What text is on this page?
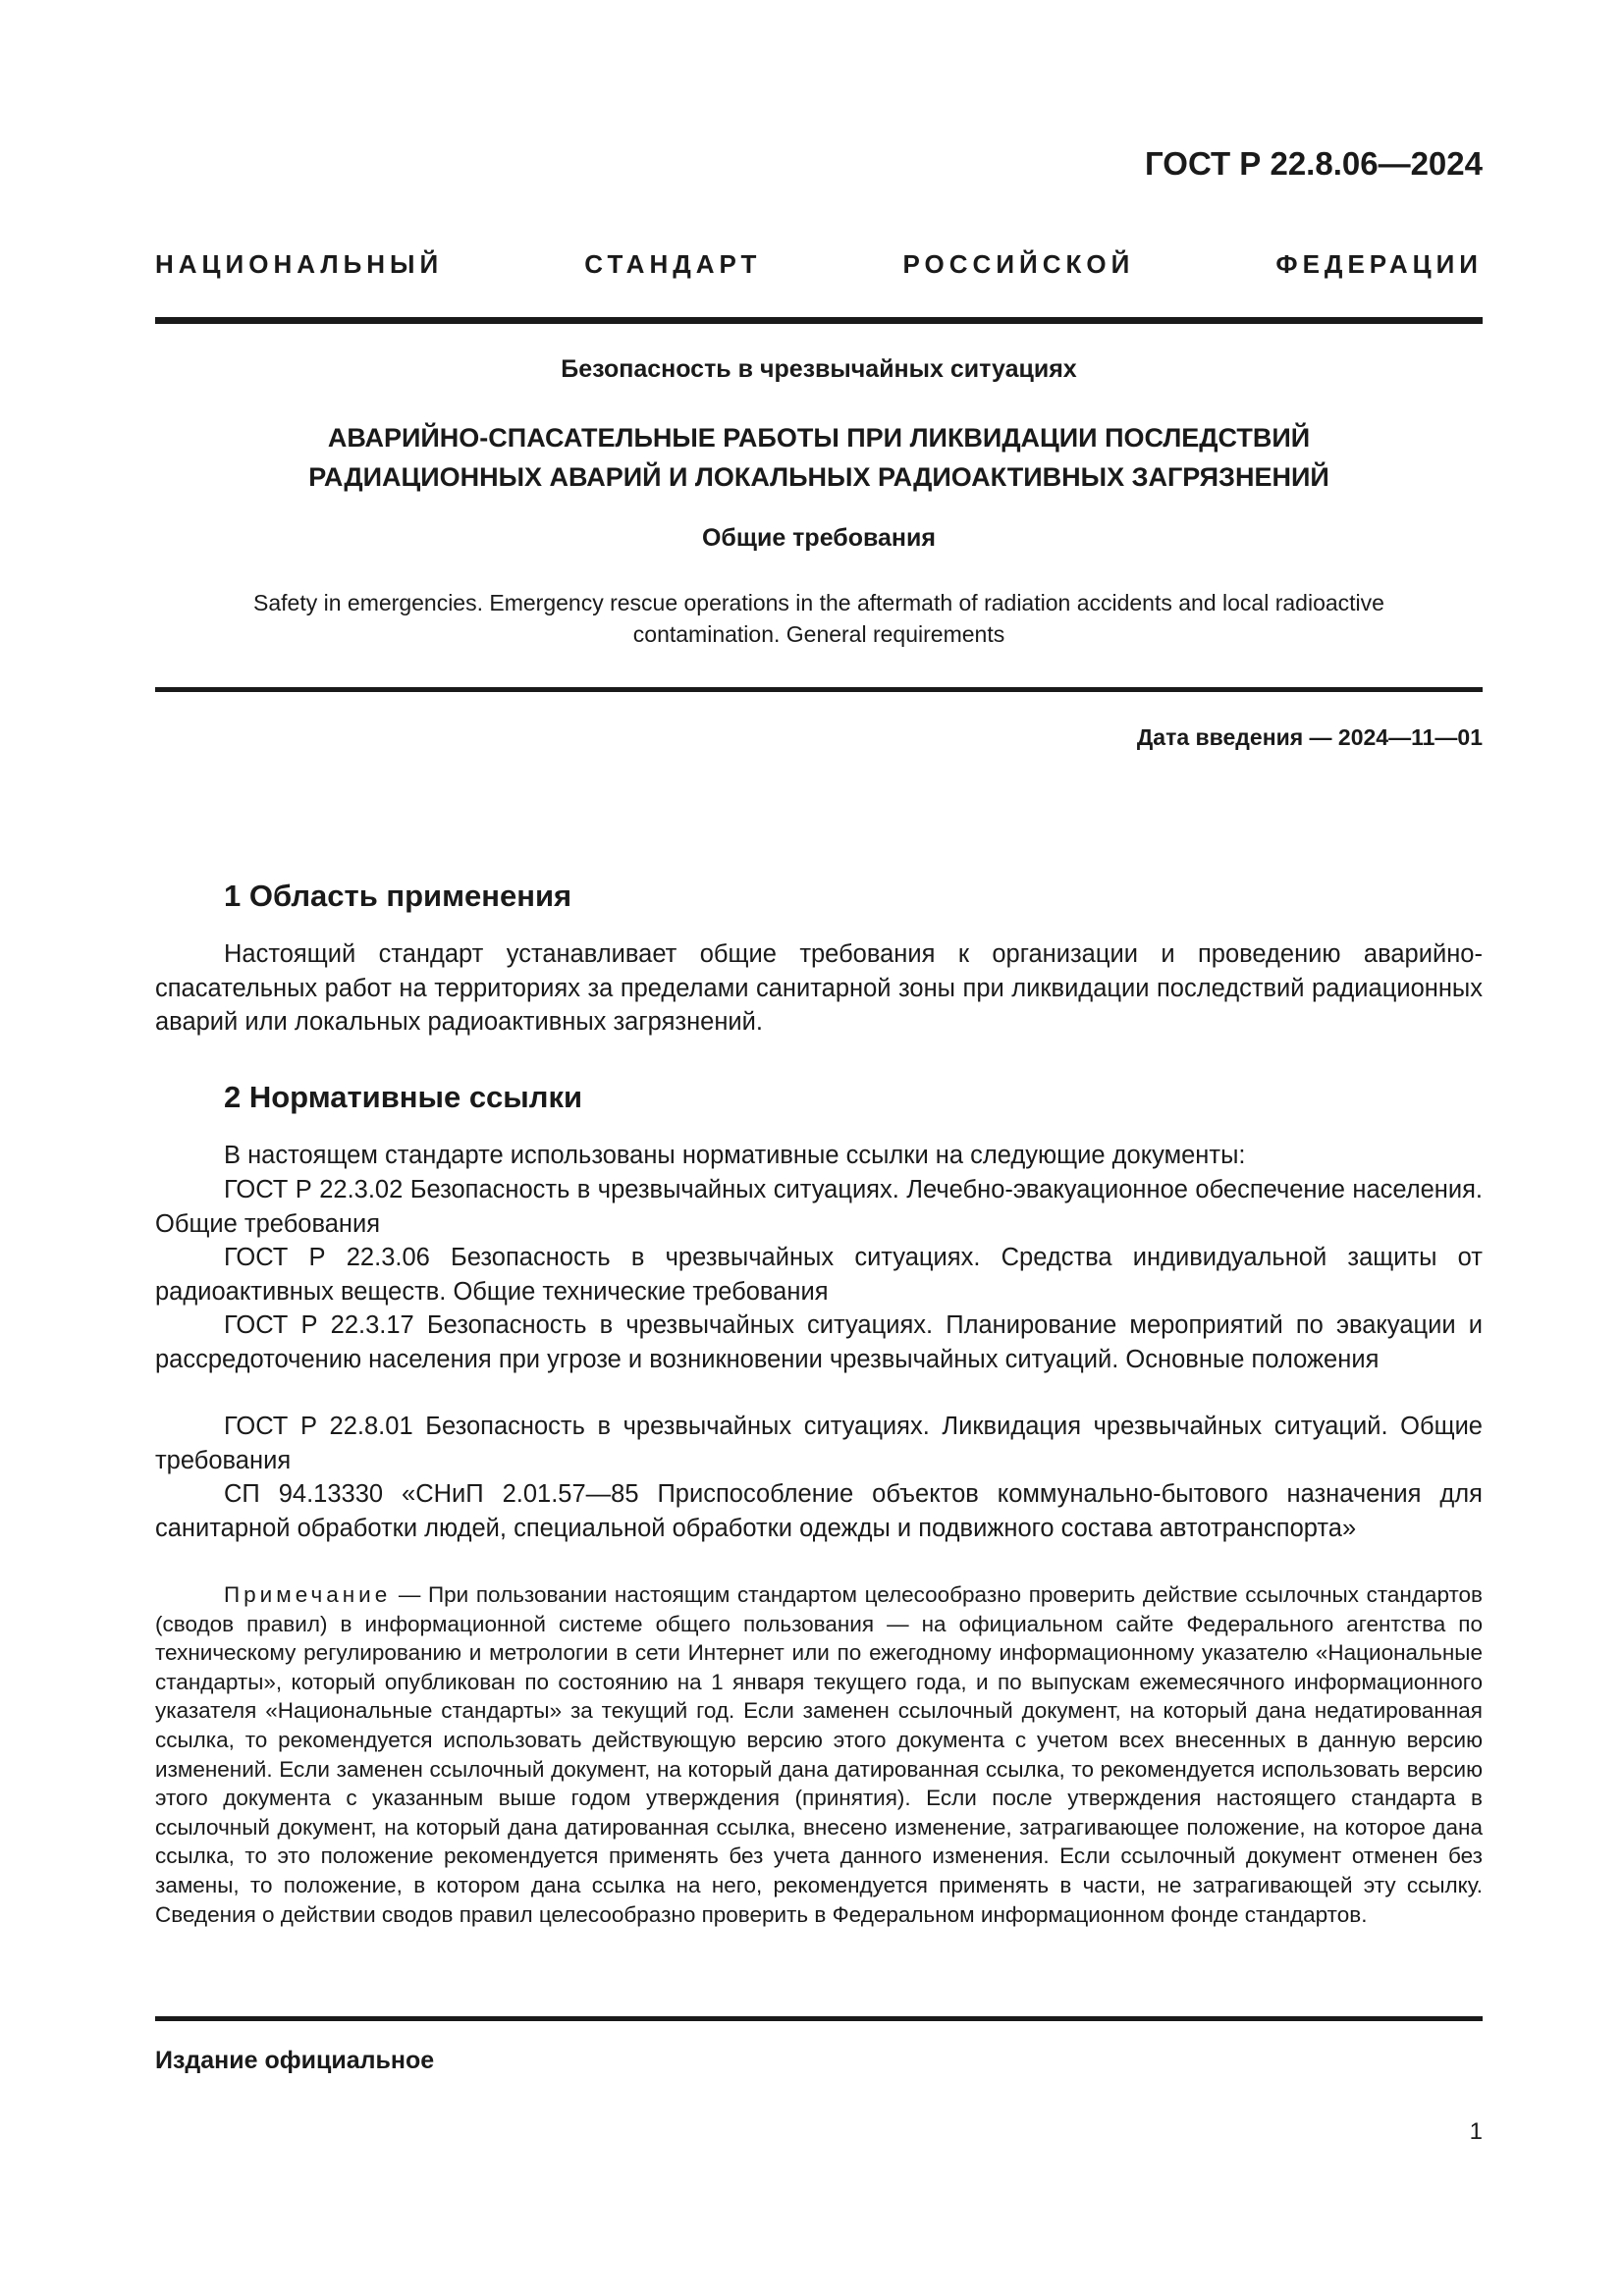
ГОСТ Р 22.8.06—2024
НАЦИОНАЛЬНЫЙ СТАНДАРТ РОССИЙСКОЙ ФЕДЕРАЦИИ
Безопасность в чрезвычайных ситуациях
АВАРИЙНО-СПАСАТЕЛЬНЫЕ РАБОТЫ ПРИ ЛИКВИДАЦИИ ПОСЛЕДСТВИЙ
РАДИАЦИОННЫХ АВАРИЙ И ЛОКАЛЬНЫХ РАДИОАКТИВНЫХ ЗАГРЯЗНЕНИЙ
Общие требования
Safety in emergencies. Emergency rescue operations in the aftermath of radiation accidents and local radioactive
contamination. General requirements
Дата введения — 2024—11—01
1 Область применения
Настоящий стандарт устанавливает общие требования к организации и проведению аварийно-спасательных работ на территориях за пределами санитарной зоны при ликвидации последствий радиационных аварий или локальных радиоактивных загрязнений.
2 Нормативные ссылки
В настоящем стандарте использованы нормативные ссылки на следующие документы:
ГОСТ Р 22.3.02 Безопасность в чрезвычайных ситуациях. Лечебно-эвакуационное обеспечение населения. Общие требования
ГОСТ Р 22.3.06 Безопасность в чрезвычайных ситуациях. Средства индивидуальной защиты от радиоактивных веществ. Общие технические требования
ГОСТ Р 22.3.17 Безопасность в чрезвычайных ситуациях. Планирование мероприятий по эвакуации и рассредоточению населения при угрозе и возникновении чрезвычайных ситуаций. Основные положения
ГОСТ Р 22.8.01 Безопасность в чрезвычайных ситуациях. Ликвидация чрезвычайных ситуаций. Общие требования
СП 94.13330 «СНиП 2.01.57—85 Приспособление объектов коммунально-бытового назначения для санитарной обработки людей, специальной обработки одежды и подвижного состава автотранспорта»
Примечание — При пользовании настоящим стандартом целесообразно проверить действие ссылочных стандартов (сводов правил) в информационной системе общего пользования — на официальном сайте Федерального агентства по техническому регулированию и метрологии в сети Интернет или по ежегодному информационному указателю «Национальные стандарты», который опубликован по состоянию на 1 января текущего года, и по выпускам ежемесячного информационного указателя «Национальные стандарты» за текущий год. Если заменен ссылочный документ, на который дана недатированная ссылка, то рекомендуется использовать действующую версию этого документа с учетом всех внесенных в данную версию изменений. Если заменен ссылочный документ, на который дана датированная ссылка, то рекомендуется использовать версию этого документа с указанным выше годом утверждения (принятия). Если после утверждения настоящего стандарта в ссылочный документ, на который дана датированная ссылка, внесено изменение, затрагивающее положение, на которое дана ссылка, то это положение рекомендуется применять без учета данного изменения. Если ссылочный документ отменен без замены, то положение, в котором дана ссылка на него, рекомендуется применять в части, не затрагивающей эту ссылку. Сведения о действии сводов правил целесообразно проверить в Федеральном информационном фонде стандартов.
Издание официальное
1
